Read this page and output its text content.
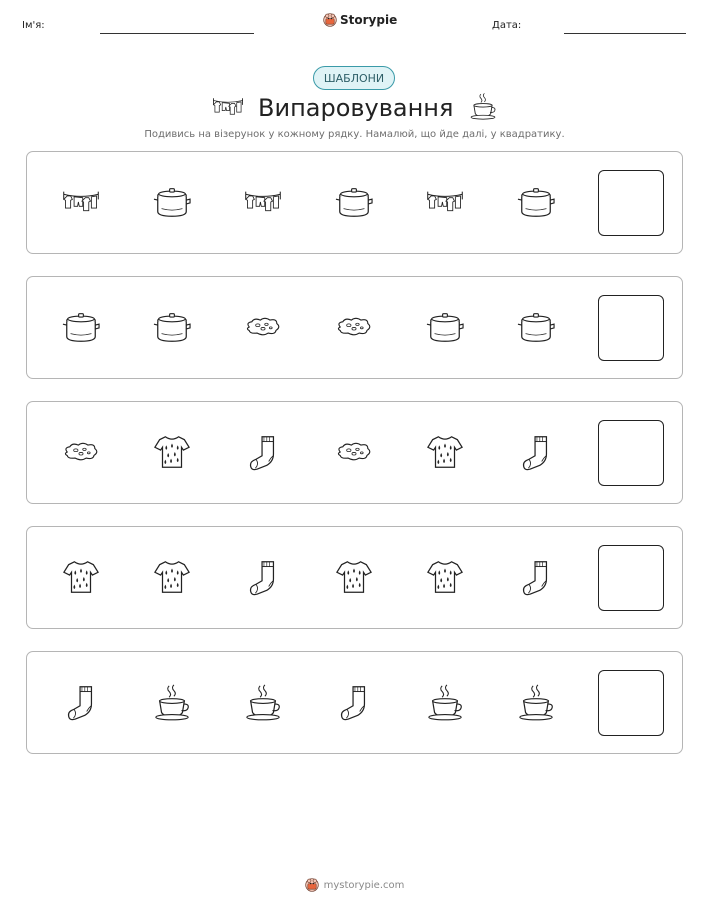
Ім'я:	Storypie	Дата:
ШАБЛОНИ
Випаровування
Подивись на візерунок у кожному рядку. Намалюй, що йде далі, у квадратику.
mystorypie.com
